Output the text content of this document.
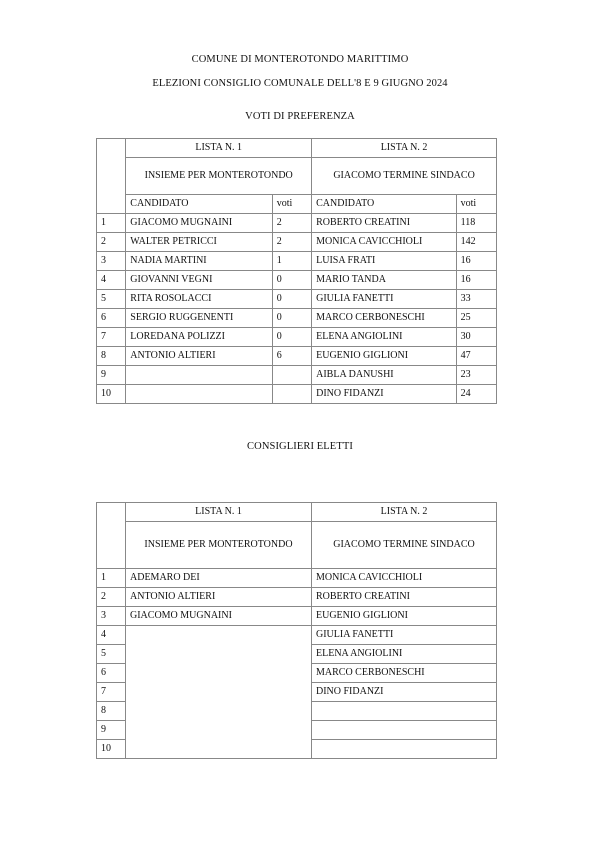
COMUNE DI MONTEROTONDO MARITTIMO
ELEZIONI CONSIGLIO COMUNALE DELL'8 E 9 GIUGNO 2024
VOTI DI PREFERENZA
	LISTA N. 1		LISTA N. 2	
	INSIEME PER MONTEROTONDO		GIACOMO TERMINE SINDACO	
	CANDIDATO	voti	CANDIDATO	voti
1	GIACOMO MUGNAINI	2	ROBERTO CREATINI	118
2	WALTER PETRICCI	2	MONICA CAVICCHIOLI	142
3	NADIA MARTINI	1	LUISA FRATI	16
4	GIOVANNI VEGNI	0	MARIO TANDA	16
5	RITA ROSOLACCI	0	GIULIA FANETTI	33
6	SERGIO RUGGENENTI	0	MARCO CERBONESCHI	25
7	LOREDANA POLIZZI	0	ELENA ANGIOLINI	30
8	ANTONIO ALTIERI	6	EUGENIO GIGLIONI	47
9			AIBLA DANUSHI	23
10			DINO FIDANZI	24
CONSIGLIERI ELETTI
	LISTA N. 1	LISTA N. 2
	INSIEME PER MONTEROTONDO	GIACOMO TERMINE SINDACO
1	ADEMARO DEI	MONICA CAVICCHIOLI
2	ANTONIO ALTIERI	ROBERTO CREATINI
3	GIACOMO MUGNAINI	EUGENIO GIGLIONI
4		GIULIA FANETTI
5		ELENA ANGIOLINI
6		MARCO CERBONESCHI
7		DINO FIDANZI
8		
9		
10		
